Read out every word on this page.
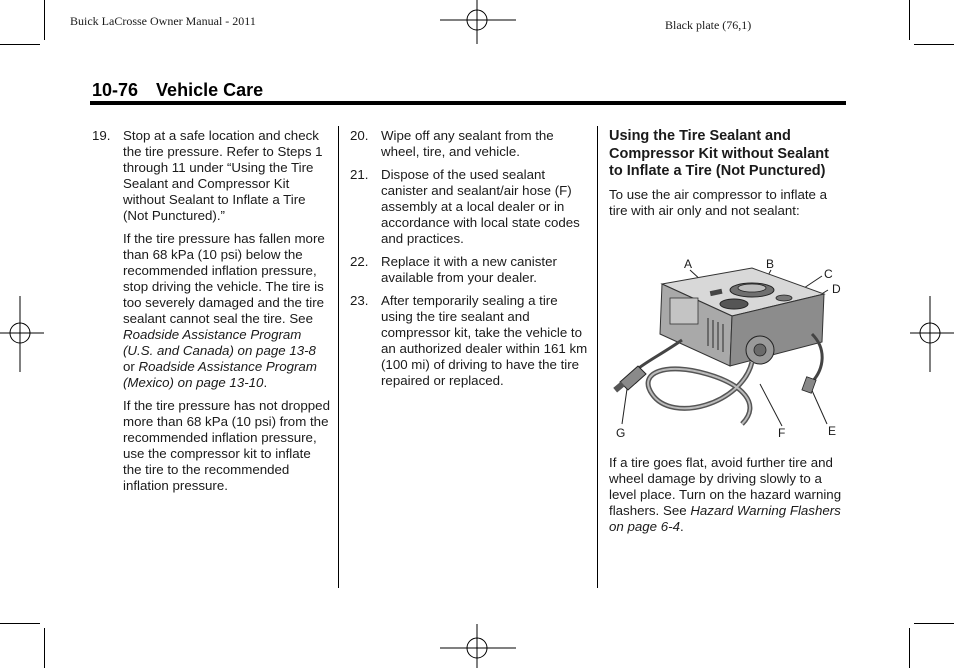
Buick LaCrosse Owner Manual - 2011	Black plate (76,1)
10-76 Vehicle Care

19. Stop at a safe location and check the tire pressure. Refer to Steps 1 through 11 under “Using the Tire Sealant and Compressor Kit without Sealant to Inflate a Tire (Not Punctured).”

If the tire pressure has fallen more than 68 kPa (10 psi) below the recommended inflation pressure, stop driving the vehicle. The tire is too severely damaged and the tire sealant cannot seal the tire. See Roadside Assistance Program (U.S. and Canada) on page 13-8 or Roadside Assistance Program (Mexico) on page 13-10.

If the tire pressure has not dropped more than 68 kPa (10 psi) from the recommended inflation pressure, use the compressor kit to inflate the tire to the recommended inflation pressure.

20. Wipe off any sealant from the wheel, tire, and vehicle.

21. Dispose of the used sealant canister and sealant/air hose (F) assembly at a local dealer or in accordance with local state codes and practices.

22. Replace it with a new canister available from your dealer.

23. After temporarily sealing a tire using the tire sealant and compressor kit, take the vehicle to an authorized dealer within 161 km (100 mi) of driving to have the tire repaired or replaced.

Using the Tire Sealant and Compressor Kit without Sealant to Inflate a Tire (Not Punctured)

To use the air compressor to inflate a tire with air only and not sealant:

A	B
C
D
G	F	E

If a tire goes flat, avoid further tire and wheel damage by driving slowly to a level place. Turn on the hazard warning flashers. See Hazard Warning Flashers on page 6-4.
